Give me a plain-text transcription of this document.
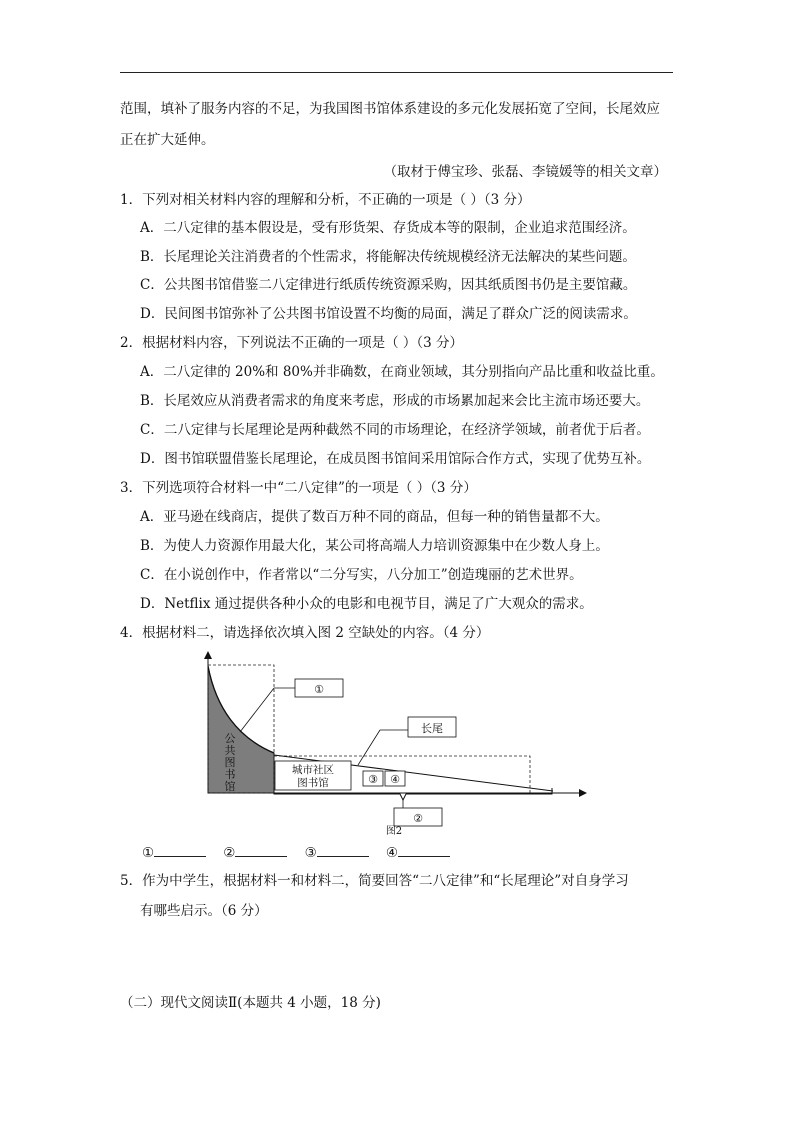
范围，填补了服务内容的不足，为我国图书馆体系建设的多元化发展拓宽了空间，长尾效应
正在扩大延伸。
（取材于傅宝珍、张磊、李镜媛等的相关文章）
1．下列对相关材料内容的理解和分析，不正确的一项是（ ）（3 分）
A．二八定律的基本假设是，受有形货架、存货成本等的限制，企业追求范围经济。
B．长尾理论关注消费者的个性需求，将能解决传统规模经济无法解决的某些问题。
C．公共图书馆借鉴二八定律进行纸质传统资源采购，因其纸质图书仍是主要馆藏。
D．民间图书馆弥补了公共图书馆设置不均衡的局面，满足了群众广泛的阅读需求。
2．根据材料内容，下列说法不正确的一项是（ ）（3 分）
A．二八定律的 20%和 80%并非确数，在商业领域，其分别指向产品比重和收益比重。
B．长尾效应从消费者需求的角度来考虑，形成的市场累加起来会比主流市场还要大。
C．二八定律与长尾理论是两种截然不同的市场理论，在经济学领域，前者优于后者。
D．图书馆联盟借鉴长尾理论，在成员图书馆间采用馆际合作方式，实现了优势互补。
3．下列选项符合材料一中“二八定律”的一项是（ ）（3 分）
A．亚马逊在线商店，提供了数百万种不同的商品，但每一种的销售量都不大。
B．为使人力资源作用最大化，某公司将高端人力培训资源集中在少数人身上。
C．在小说创作中，作者常以“二分写实，八分加工”创造瑰丽的艺术世界。
D．Netflix 通过提供各种小众的电影和电视节目，满足了广大观众的需求。
4．根据材料二，请选择依次填入图 2 空缺处的内容。（4 分）
城市社区
图书馆	③ ④
②
图2
①
长尾
公
共
图
书
馆
①	②	③	④
5．作为中学生，根据材料一和材料二，简要回答“二八定律”和“长尾理论”对自身学习
有哪些启示。（6 分）
（二）现代文阅读Ⅱ(本题共 4 小题，18 分)
